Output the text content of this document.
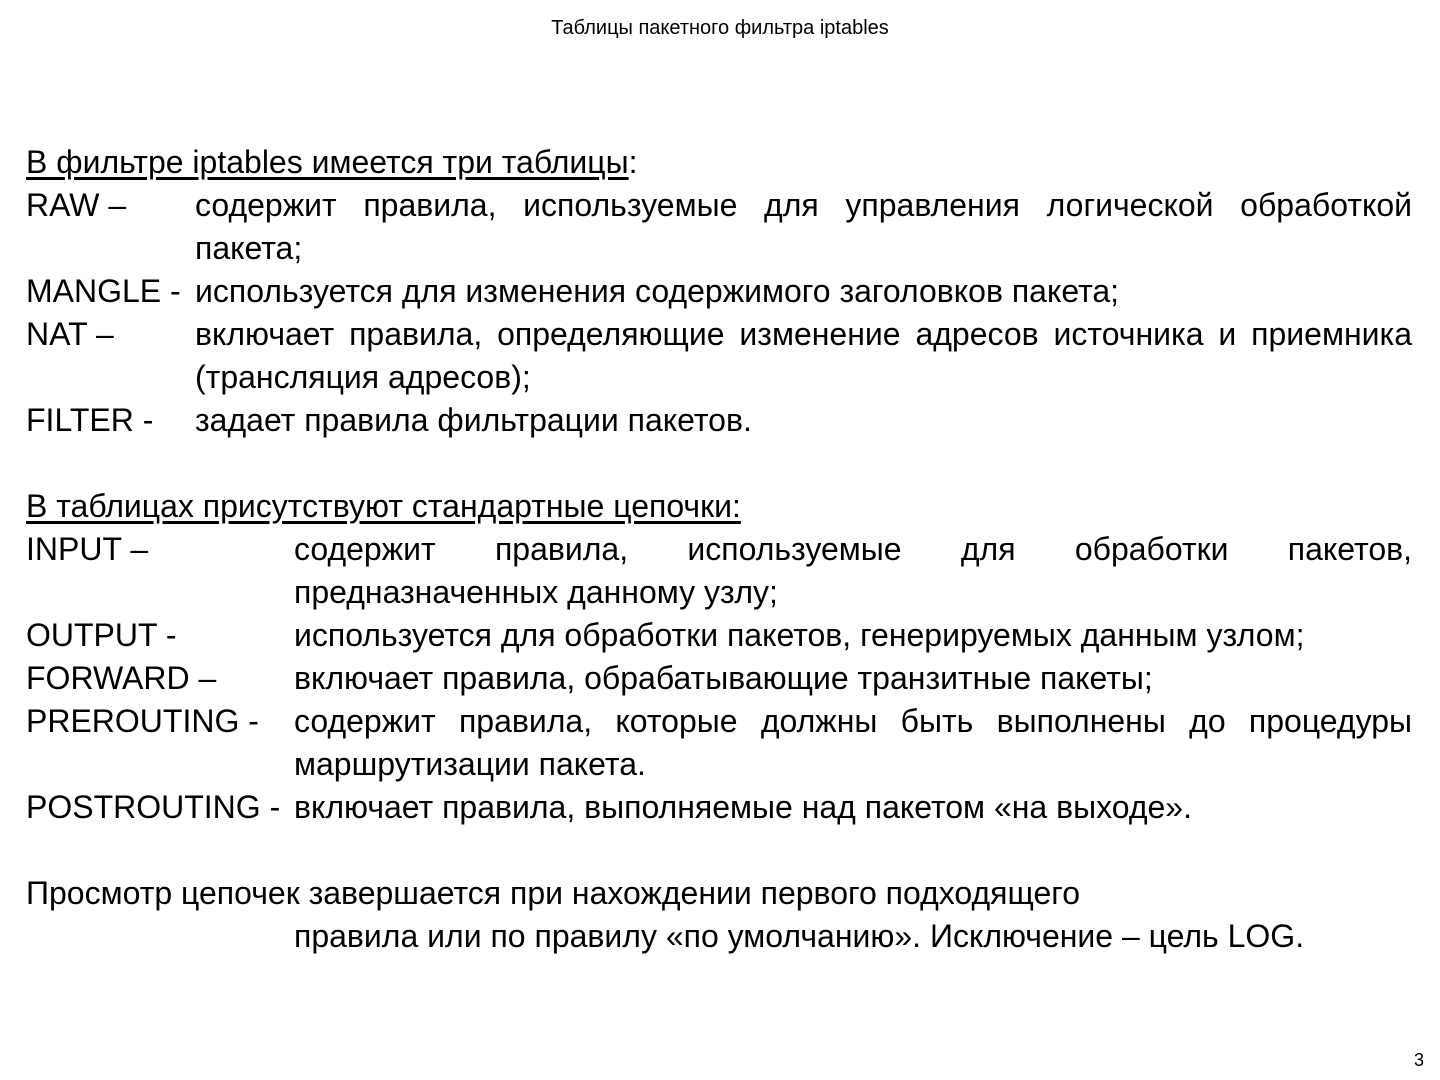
Таблицы пакетного фильтра iptables
В фильтре iptables имеется три таблицы:
RAW –	содержит правила, используемые для управления логической обработкой пакета;
MANGLE - используется для изменения содержимого заголовков пакета;
NAT –	включает правила, определяющие изменение адресов источника и приемника (трансляция адресов);
FILTER -	задает правила фильтрации пакетов.
В таблицах присутствуют стандартные цепочки:
INPUT –	содержит правила, используемые для обработки пакетов, предназначенных данному узлу;
OUTPUT -	используется для обработки пакетов, генерируемых данным узлом;
FORWARD –	включает правила, обрабатывающие транзитные пакеты;
PREROUTING -	содержит правила, которые должны быть выполнены до процедуры маршрутизации пакета.
POSTROUTING - включает правила, выполняемые над пакетом «на выходе».
Просмотр цепочек завершается при нахождении первого подходящего
правила или по правилу «по умолчанию». Исключение – цель LOG.
3
